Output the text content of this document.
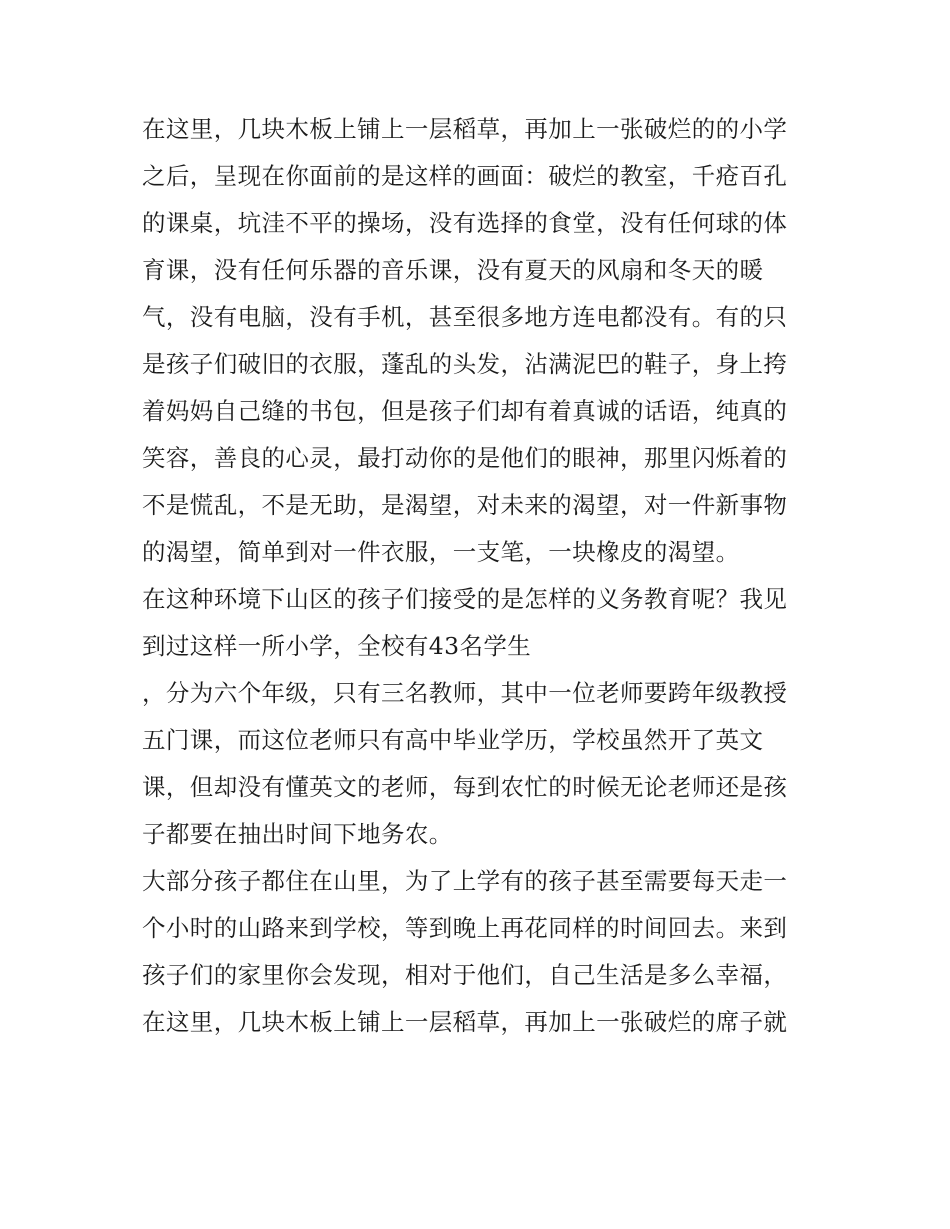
在这里，几块木板上铺上一层稻草，再加上一张破烂的的小学
之后，呈现在你面前的是这样的画面：破烂的教室，千疮百孔
的课桌，坑洼不平的操场，没有选择的食堂，没有任何球的体
育课，没有任何乐器的音乐课，没有夏天的风扇和冬天的暖
气，没有电脑，没有手机，甚至很多地方连电都没有。有的只
是孩子们破旧的衣服，蓬乱的头发，沾满泥巴的鞋子，身上挎
着妈妈自己缝的书包，但是孩子们却有着真诚的话语，纯真的
笑容，善良的心灵，最打动你的是他们的眼神，那里闪烁着的
不是慌乱，不是无助，是渴望，对未来的渴望，对一件新事物
的渴望，简单到对一件衣服，一支笔，一块橡皮的渴望。
在这种环境下山区的孩子们接受的是怎样的义务教育呢？我见
到过这样一所小学，全校有43名学生
，分为六个年级，只有三名教师，其中一位老师要跨年级教授
五门课，而这位老师只有高中毕业学历，学校虽然开了英文
课，但却没有懂英文的老师，每到农忙的时候无论老师还是孩
子都要在抽出时间下地务农。
大部分孩子都住在山里，为了上学有的孩子甚至需要每天走一
个小时的山路来到学校，等到晚上再花同样的时间回去。来到
孩子们的家里你会发现，相对于他们，自己生活是多么幸福，
在这里，几块木板上铺上一层稻草，再加上一张破烂的席子就
